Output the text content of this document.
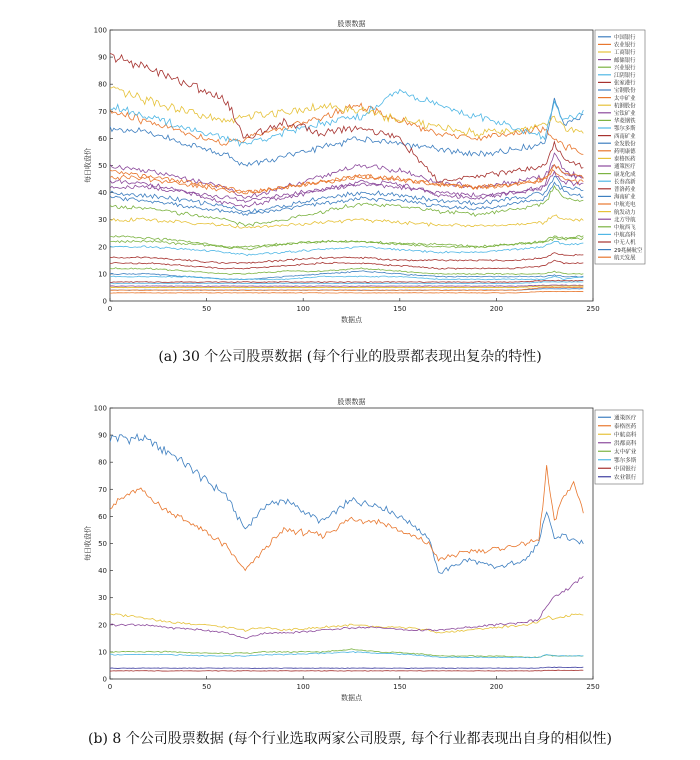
0	50	100	150	200	250
0
10
20
30
40
50
60
70
80
90
100
股票数据
数据点
每日收盘价
中国银行
农业银行
工商银行
邮储银行
兴业银行
江阴银行
张家港行
宝钢股份
太中矿业
杭钢股份
宝钛矿业
华菱钢铁
鄂尔多斯
西南矿业
金发股份
药明康德
泰格医药
通策医疗
康龙化成
长春高新
普洛药业
海南矿业
中航光电
航发动力
北方导航
中航西飞
中航高科
中无人机
29兆赫航空
航天发展
(a) 30 个公司股票数据 (每个行业的股票都表现出复杂的特性)
0	50	100	150	200	250
0
10
20
30
40
50
60
70
80
90
100
股票数据
数据点
每日收盘价
通策医疗
泰格医药
中航高科
洪都高科
太中矿业
鄂尔多斯
中国银行
农业银行
(b) 8 个公司股票数据 (每个行业选取两家公司股票, 每个行业都表现出自身的相似性)
